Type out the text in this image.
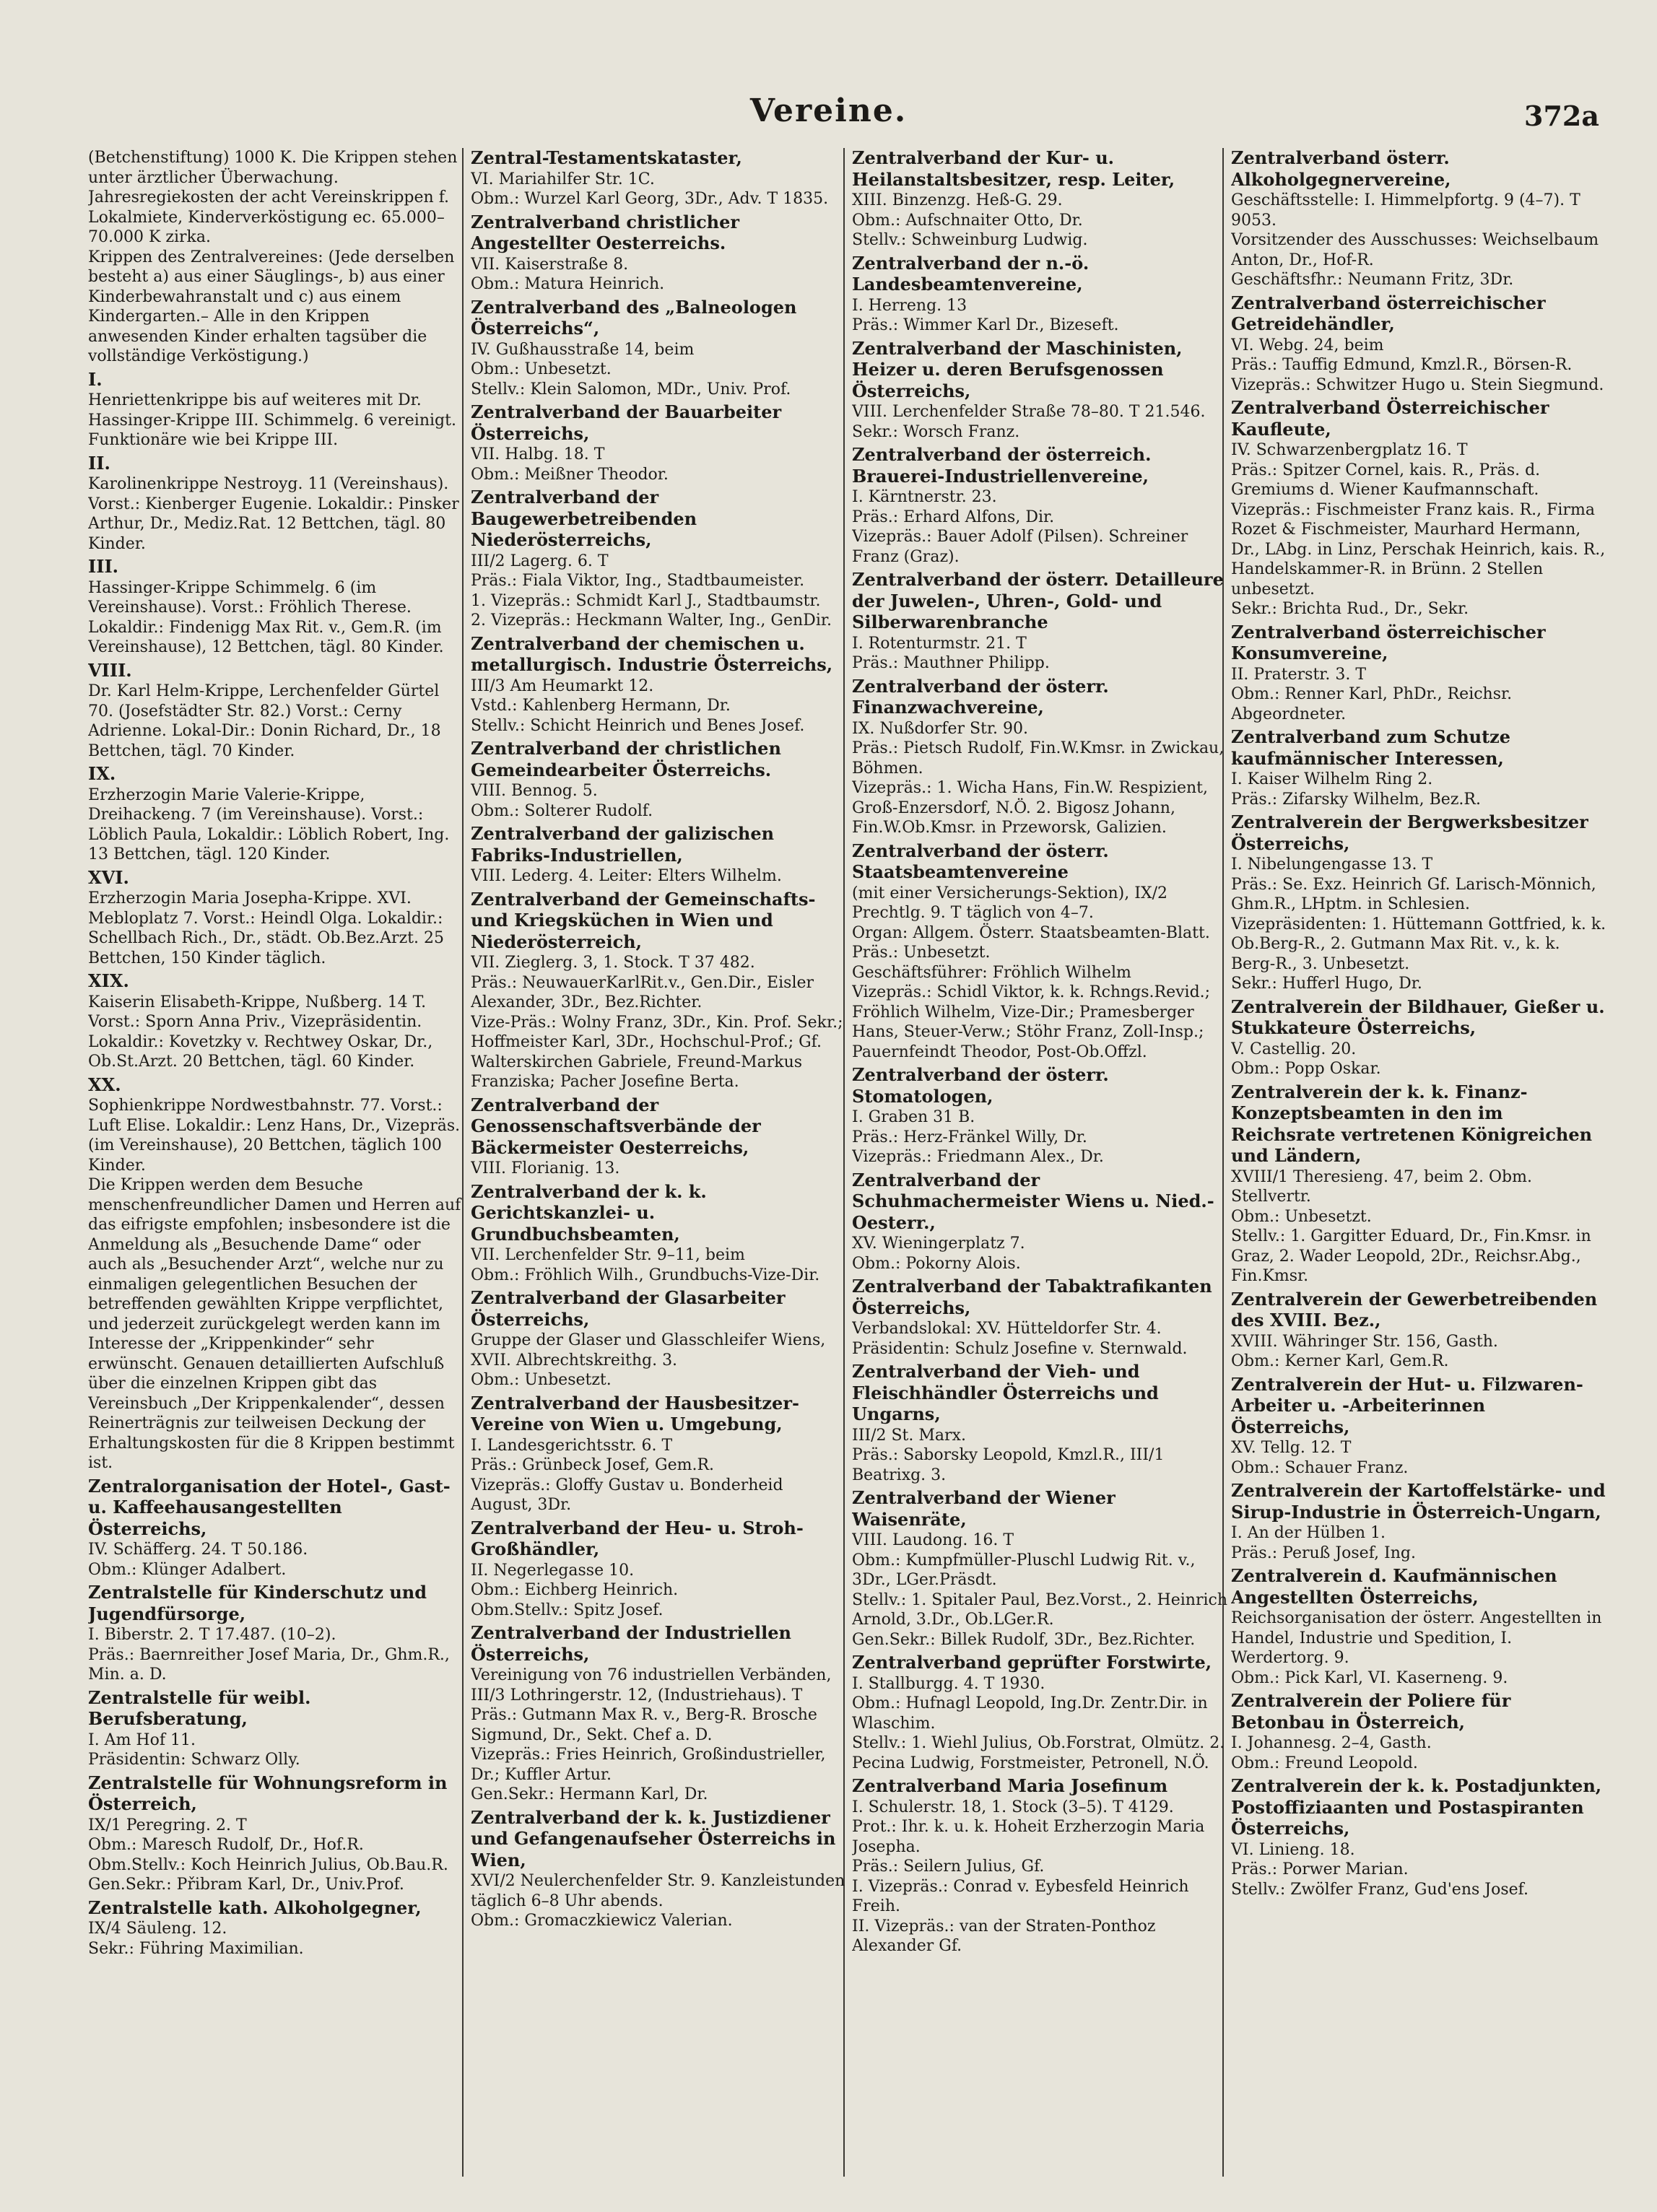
Vereine.	372a
(Betchenstiftung) 1000 K. Die Krippen stehen unter ärztlicher Überwachung. Jahresregiekosten der acht Vereinskrippen f. Lokalmiete, Kinderverköstigung ec. 65.000–70.000 K zirka.
Krippen des Zentralvereines: (Jede derselben besteht a) aus einer Säuglings-, b) aus einer Kinderbewahranstalt und c) aus einem Kindergarten.– Alle in den Krippen anwesenden Kinder erhalten tagsüber die vollständige Verköstigung.)
I.
Henriettenkrippe bis auf weiteres mit Dr. Hassinger-Krippe III. Schimmelg. 6 vereinigt. Funktionäre wie bei Krippe III.
II.
Karolinenkrippe Nestroyg. 11 (Vereinshaus). Vorst.: Kienberger Eugenie. Lokaldir.: Pinsker Arthur, Dr., Mediz.Rat. 12 Bettchen, tägl. 80 Kinder.
III.
Hassinger-Krippe Schimmelg. 6 (im Vereinshause). Vorst.: Fröhlich Therese. Lokaldir.: Findenigg Max Rit. v., Gem.R. (im Vereinshause), 12 Bettchen, tägl. 80 Kinder.
VIII.
Dr. Karl Helm-Krippe, Lerchenfelder Gürtel 70. (Josefstädter Str. 82.) Vorst.: Cerny Adrienne. Lokal-Dir.: Donin Richard, Dr., 18 Bettchen, tägl. 70 Kinder.
IX.
Erzherzogin Marie Valerie-Krippe, Dreihackeng. 7 (im Vereinshause). Vorst.: Löblich Paula, Lokaldir.: Löblich Robert, Ing. 13 Bettchen, tägl. 120 Kinder.
XVI.
Erzherzogin Maria Josepha-Krippe. XVI. Mebloplatz 7. Vorst.: Heindl Olga. Lokaldir.: Schellbach Rich., Dr., städt. Ob.Bez.Arzt. 25 Bettchen, 150 Kinder täglich.
XIX.
Kaiserin Elisabeth-Krippe, Nußberg. 14 T. Vorst.: Sporn Anna Priv., Vizepräsidentin. Lokaldir.: Kovetzky v. Rechtwey Oskar, Dr., Ob.St.Arzt. 20 Bettchen, tägl. 60 Kinder.
XX.
Sophienkrippe Nordwestbahnstr. 77. Vorst.: Luft Elise. Lokaldir.: Lenz Hans, Dr., Vizepräs. (im Vereinshause), 20 Bettchen, täglich 100 Kinder.
Die Krippen werden dem Besuche menschenfreundlicher Damen und Herren auf das eifrigste empfohlen; insbesondere ist die Anmeldung als „Besuchende Dame“ oder auch als „Besuchender Arzt“, welche nur zu einmaligen gelegentlichen Besuchen der betreffenden gewählten Krippe verpflichtet, und jederzeit zurückgelegt werden kann im Interesse der „Krippenkinder“ sehr erwünscht. Genauen detaillierten Aufschluß über die einzelnen Krippen gibt das Vereinsbuch „Der Krippenkalender“, dessen Reinerträgnis zur teilweisen Deckung der Erhaltungskosten für die 8 Krippen bestimmt ist.
Zentralorganisation der Hotel-, Gast- u. Kaffeehausangestellten Österreichs,
IV. Schäfferg. 24. T 50.186.
Obm.: Klünger Adalbert.
Zentralstelle für Kinderschutz und Jugendfürsorge,
I. Biberstr. 2. T 17.487. (10–2).
Präs.: Baernreither Josef Maria, Dr., Ghm.R., Min. a. D.
Zentralstelle für weibl. Berufsberatung,
I. Am Hof 11.
Präsidentin: Schwarz Olly.
Zentralstelle für Wohnungsreform in Österreich,
IX/1 Peregring. 2. T
Obm.: Maresch Rudolf, Dr., Hof.R.
Obm.Stellv.: Koch Heinrich Julius, Ob.Bau.R.
Gen.Sekr.: Přibram Karl, Dr., Univ.Prof.
Zentralstelle kath. Alkoholgegner,
IX/4 Säuleng. 12.
Sekr.: Führing Maximilian.
Zentral-Testamentskataster,
VI. Mariahilfer Str. 1C.
Obm.: Wurzel Karl Georg, 3Dr., Adv. T 1835.
Zentralverband christlicher Angestellter Oesterreichs.
VII. Kaiserstraße 8.
Obm.: Matura Heinrich.
Zentralverband des „Balneologen Österreichs“,
IV. Gußhausstraße 14, beim
Obm.: Unbesetzt.
Stellv.: Klein Salomon, MDr., Univ. Prof.
Zentralverband der Bauarbeiter Österreichs,
VII. Halbg. 18. T
Obm.: Meißner Theodor.
Zentralverband der Baugewerbetreibenden Niederösterreichs,
III/2 Lagerg. 6. T
Präs.: Fiala Viktor, Ing., Stadtbaumeister.
1. Vizepräs.: Schmidt Karl J., Stadtbaumstr.
2. Vizepräs.: Heckmann Walter, Ing., GenDir.
Zentralverband der chemischen u. metallurgisch. Industrie Österreichs,
III/3 Am Heumarkt 12.
Vstd.: Kahlenberg Hermann, Dr.
Stellv.: Schicht Heinrich und Benes Josef.
Zentralverband der christlichen Gemeindearbeiter Österreichs.
VIII. Bennog. 5.
Obm.: Solterer Rudolf.
Zentralverband der galizischen Fabriks-Industriellen,
VIII. Lederg. 4. Leiter: Elters Wilhelm.
Zentralverband der Gemeinschafts- und Kriegsküchen in Wien und Niederösterreich,
VII. Zieglerg. 3, 1. Stock. T 37 482.
Präs.: NeuwauerKarlRit.v., Gen.Dir., Eisler Alexander, 3Dr., Bez.Richter.
Vize-Präs.: Wolny Franz, 3Dr., Kin. Prof. Sekr.; Hoffmeister Karl, 3Dr., Hochschul-Prof.; Gf. Walterskirchen Gabriele, Freund-Markus Franziska; Pacher Josefine Berta.
Zentralverband der Genossenschaftsverbände der Bäckermeister Oesterreichs,
VIII. Florianig. 13.
Zentralverband der k. k. Gerichtskanzlei- u. Grundbuchsbeamten,
VII. Lerchenfelder Str. 9–11, beim
Obm.: Fröhlich Wilh., Grundbuchs-Vize-Dir.
Zentralverband der Glasarbeiter Österreichs,
Gruppe der Glaser und Glasschleifer Wiens, XVII. Albrechtskreithg. 3.
Obm.: Unbesetzt.
Zentralverband der Hausbesitzer-Vereine von Wien u. Umgebung,
I. Landesgerichtsstr. 6. T
Präs.: Grünbeck Josef, Gem.R.
Vizepräs.: Gloffy Gustav u. Bonderheid August, 3Dr.
Zentralverband der Heu- u. Stroh-Großhändler,
II. Negerlegasse 10.
Obm.: Eichberg Heinrich.
Obm.Stellv.: Spitz Josef.
Zentralverband der Industriellen Österreichs,
Vereinigung von 76 industriellen Verbänden, III/3 Lothringerstr. 12, (Industriehaus). T
Präs.: Gutmann Max R. v., Berg-R. Brosche Sigmund, Dr., Sekt. Chef a. D.
Vizepräs.: Fries Heinrich, Großindustrieller, Dr.; Kuffler Artur.
Gen.Sekr.: Hermann Karl, Dr.
Zentralverband der k. k. Justizdiener und Gefangenaufseher Österreichs in Wien,
XVI/2 Neulerchenfelder Str. 9. Kanzleistunden täglich 6–8 Uhr abends.
Obm.: Gromaczkiewicz Valerian.
Zentralverband der Kur- u. Heilanstaltsbesitzer, resp. Leiter,
XIII. Binzenzg. Heß-G. 29.
Obm.: Aufschnaiter Otto, Dr.
Stellv.: Schweinburg Ludwig.
Zentralverband der n.-ö. Landesbeamtenvereine,
I. Herreng. 13
Präs.: Wimmer Karl Dr., Bizeseft.
Zentralverband der Maschinisten, Heizer u. deren Berufsgenossen Österreichs,
VIII. Lerchenfelder Straße 78–80. T 21.546.
Sekr.: Worsch Franz.
Zentralverband der österreich. Brauerei-Industriellenvereine,
I. Kärntnerstr. 23.
Präs.: Erhard Alfons, Dir.
Vizepräs.: Bauer Adolf (Pilsen). Schreiner Franz (Graz).
Zentralverband der österr. Detailleure der Juwelen-, Uhren-, Gold- und Silberwarenbranche
I. Rotenturmstr. 21. T
Präs.: Mauthner Philipp.
Zentralverband der österr. Finanzwachvereine,
IX. Nußdorfer Str. 90.
Präs.: Pietsch Rudolf, Fin.W.Kmsr. in Zwickau, Böhmen.
Vizepräs.: 1. Wicha Hans, Fin.W. Respizient, Groß-Enzersdorf, N.Ö. 2. Bigosz Johann, Fin.W.Ob.Kmsr. in Przeworsk, Galizien.
Zentralverband der österr. Staatsbeamtenvereine
(mit einer Versicherungs-Sektion), IX/2 Prechtlg. 9. T täglich von 4–7.
Organ: Allgem. Österr. Staatsbeamten-Blatt.
Präs.: Unbesetzt.
Geschäftsführer: Fröhlich Wilhelm
Vizepräs.: Schidl Viktor, k. k. Rchngs.Revid.; Fröhlich Wilhelm, Vize-Dir.; Pramesberger Hans, Steuer-Verw.; Stöhr Franz, Zoll-Insp.; Pauernfeindt Theodor, Post-Ob.Offzl.
Zentralverband der österr. Stomatologen,
I. Graben 31 B.
Präs.: Herz-Fränkel Willy, Dr.
Vizepräs.: Friedmann Alex., Dr.
Zentralverband der Schuhmachermeister Wiens u. Nied.-Oesterr.,
XV. Wieningerplatz 7.
Obm.: Pokorny Alois.
Zentralverband der Tabaktrafikanten Österreichs,
Verbandslokal: XV. Hütteldorfer Str. 4.
Präsidentin: Schulz Josefine v. Sternwald.
Zentralverband der Vieh- und Fleischhändler Österreichs und Ungarns,
III/2 St. Marx.
Präs.: Saborsky Leopold, Kmzl.R., III/1 Beatrixg. 3.
Zentralverband der Wiener Waisenräte,
VIII. Laudong. 16. T
Obm.: Kumpfmüller-Pluschl Ludwig Rit. v., 3Dr., LGer.Präsdt.
Stellv.: 1. Spitaler Paul, Bez.Vorst., 2. Heinrich Arnold, 3.Dr., Ob.LGer.R.
Gen.Sekr.: Billek Rudolf, 3Dr., Bez.Richter.
Zentralverband geprüfter Forstwirte,
I. Stallburgg. 4. T 1930.
Obm.: Hufnagl Leopold, Ing.Dr. Zentr.Dir. in Wlaschim.
Stellv.: 1. Wiehl Julius, Ob.Forstrat, Olmütz. 2. Pecina Ludwig, Forstmeister, Petronell, N.Ö.
Zentralverband Maria Josefinum
I. Schulerstr. 18, 1. Stock (3–5). T 4129.
Prot.: Ihr. k. u. k. Hoheit Erzherzogin Maria Josepha.
Präs.: Seilern Julius, Gf.
I. Vizepräs.: Conrad v. Eybesfeld Heinrich Freih.
II. Vizepräs.: van der Straten-Ponthoz Alexander Gf.
Zentralverband österr. Alkoholgegnervereine,
Geschäftsstelle: I. Himmelpfortg. 9 (4–7). T 9053.
Vorsitzender des Ausschusses: Weichselbaum Anton, Dr., Hof-R.
Geschäftsfhr.: Neumann Fritz, 3Dr.
Zentralverband österreichischer Getreidehändler,
VI. Webg. 24, beim
Präs.: Tauffig Edmund, Kmzl.R., Börsen-R.
Vizepräs.: Schwitzer Hugo u. Stein Siegmund.
Zentralverband Österreichischer Kaufleute,
IV. Schwarzenbergplatz 16. T
Präs.: Spitzer Cornel, kais. R., Präs. d. Gremiums d. Wiener Kaufmannschaft.
Vizepräs.: Fischmeister Franz kais. R., Firma Rozet & Fischmeister, Maurhard Hermann, Dr., LAbg. in Linz, Perschak Heinrich, kais. R., Handelskammer-R. in Brünn. 2 Stellen unbesetzt.
Sekr.: Brichta Rud., Dr., Sekr.
Zentralverband österreichischer Konsumvereine,
II. Praterstr. 3. T
Obm.: Renner Karl, PhDr., Reichsr. Abgeordneter.
Zentralverband zum Schutze kaufmännischer Interessen,
I. Kaiser Wilhelm Ring 2.
Präs.: Zifarsky Wilhelm, Bez.R.
Zentralverein der Bergwerksbesitzer Österreichs,
I. Nibelungengasse 13. T
Präs.: Se. Exz. Heinrich Gf. Larisch-Mönnich, Ghm.R., LHptm. in Schlesien.
Vizepräsidenten: 1. Hüttemann Gottfried, k. k. Ob.Berg-R., 2. Gutmann Max Rit. v., k. k. Berg-R., 3. Unbesetzt.
Sekr.: Hufferl Hugo, Dr.
Zentralverein der Bildhauer, Gießer u. Stukkateure Österreichs,
V. Castellig. 20.
Obm.: Popp Oskar.
Zentralverein der k. k. Finanz-Konzeptsbeamten in den im Reichsrate vertretenen Königreichen und Ländern,
XVIII/1 Theresieng. 47, beim 2. Obm. Stellvertr.
Obm.: Unbesetzt.
Stellv.: 1. Gargitter Eduard, Dr., Fin.Kmsr. in Graz, 2. Wader Leopold, 2Dr., Reichsr.Abg., Fin.Kmsr.
Zentralverein der Gewerbetreibenden des XVIII. Bez.,
XVIII. Währinger Str. 156, Gasth.
Obm.: Kerner Karl, Gem.R.
Zentralverein der Hut- u. Filzwaren-Arbeiter u. -Arbeiterinnen Österreichs,
XV. Tellg. 12. T
Obm.: Schauer Franz.
Zentralverein der Kartoffelstärke- und Sirup-Industrie in Österreich-Ungarn,
I. An der Hülben 1.
Präs.: Peruß Josef, Ing.
Zentralverein d. Kaufmännischen Angestellten Österreichs,
Reichsorganisation der österr. Angestellten in Handel, Industrie und Spedition, I. Werdertorg. 9.
Obm.: Pick Karl, VI. Kaserneng. 9.
Zentralverein der Poliere für Betonbau in Österreich,
I. Johannesg. 2–4, Gasth.
Obm.: Freund Leopold.
Zentralverein der k. k. Postadjunkten, Postoffiziaanten und Postaspiranten Österreichs,
VI. Linieng. 18.
Präs.: Porwer Marian.
Stellv.: Zwölfer Franz, Gud'ens Josef.
